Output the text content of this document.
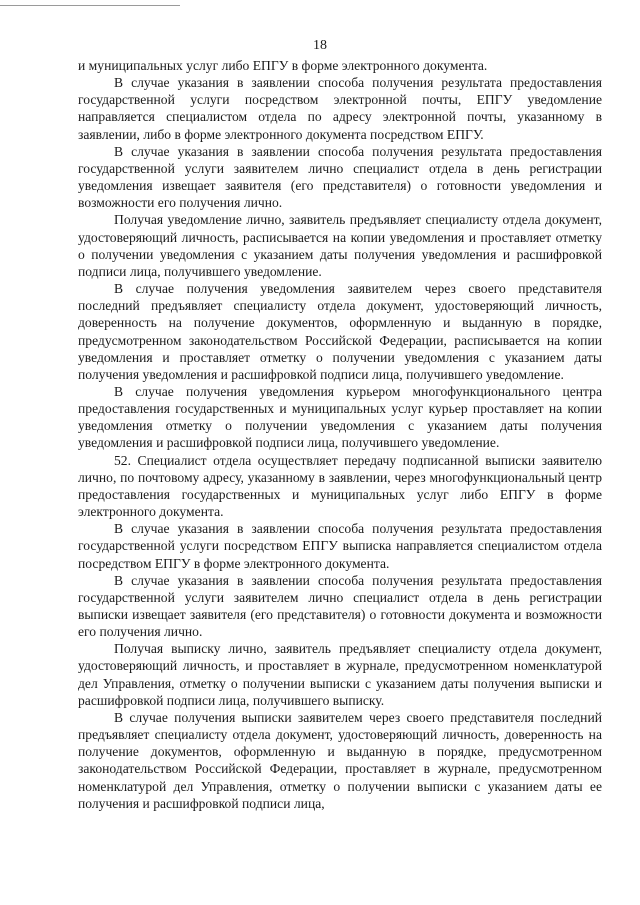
18

и муниципальных услуг либо ЕПГУ в форме электронного документа.

В случае указания в заявлении способа получения результата предоставления государственной услуги посредством электронной почты, ЕПГУ уведомление направляется специалистом отдела по адресу электронной почты, указанному в заявлении, либо в форме электронного документа посредством ЕПГУ.

В случае указания в заявлении способа получения результата предоставления государственной услуги заявителем лично специалист отдела в день регистрации уведомления извещает заявителя (его представителя) о готовности уведомления и возможности его получения лично.

Получая уведомление лично, заявитель предъявляет специалисту отдела документ, удостоверяющий личность, расписывается на копии уведомления и проставляет отметку о получении уведомления с указанием даты получения уведомления и расшифровкой подписи лица, получившего уведомление.

В случае получения уведомления заявителем через своего представителя последний предъявляет специалисту отдела документ, удостоверяющий личность, доверенность на получение документов, оформленную и выданную в порядке, предусмотренном законодательством Российской Федерации, расписывается на копии уведомления и проставляет отметку о получении уведомления с указанием даты получения уведомления и расшифровкой подписи лица, получившего уведомление.

В случае получения уведомления курьером многофункционального центра предоставления государственных и муниципальных услуг курьер проставляет на копии уведомления отметку о получении уведомления с указанием даты получения уведомления и расшифровкой подписи лица, получившего уведомление.

52. Специалист отдела осуществляет передачу подписанной выписки заявителю лично, по почтовому адресу, указанному в заявлении, через многофункциональный центр предоставления государственных и муниципальных услуг либо ЕПГУ в форме электронного документа.

В случае указания в заявлении способа получения результата предоставления государственной услуги посредством ЕПГУ выписка направляется специалистом отдела посредством ЕПГУ в форме электронного документа.

В случае указания в заявлении способа получения результата предоставления государственной услуги заявителем лично специалист отдела в день регистрации выписки извещает заявителя (его представителя) о готовности документа и возможности его получения лично.

Получая выписку лично, заявитель предъявляет специалисту отдела документ, удостоверяющий личность, и проставляет в журнале, предусмотренном номенклатурой дел Управления, отметку о получении выписки с указанием даты получения выписки и расшифровкой подписи лица, получившего выписку.

В случае получения выписки заявителем через своего представителя последний предъявляет специалисту отдела документ, удостоверяющий личность, доверенность на получение документов, оформленную и выданную в порядке, предусмотренном законодательством Российской Федерации, проставляет в журнале, предусмотренном номенклатурой дел Управления, отметку о получении выписки с указанием даты ее получения и расшифровкой подписи лица,
